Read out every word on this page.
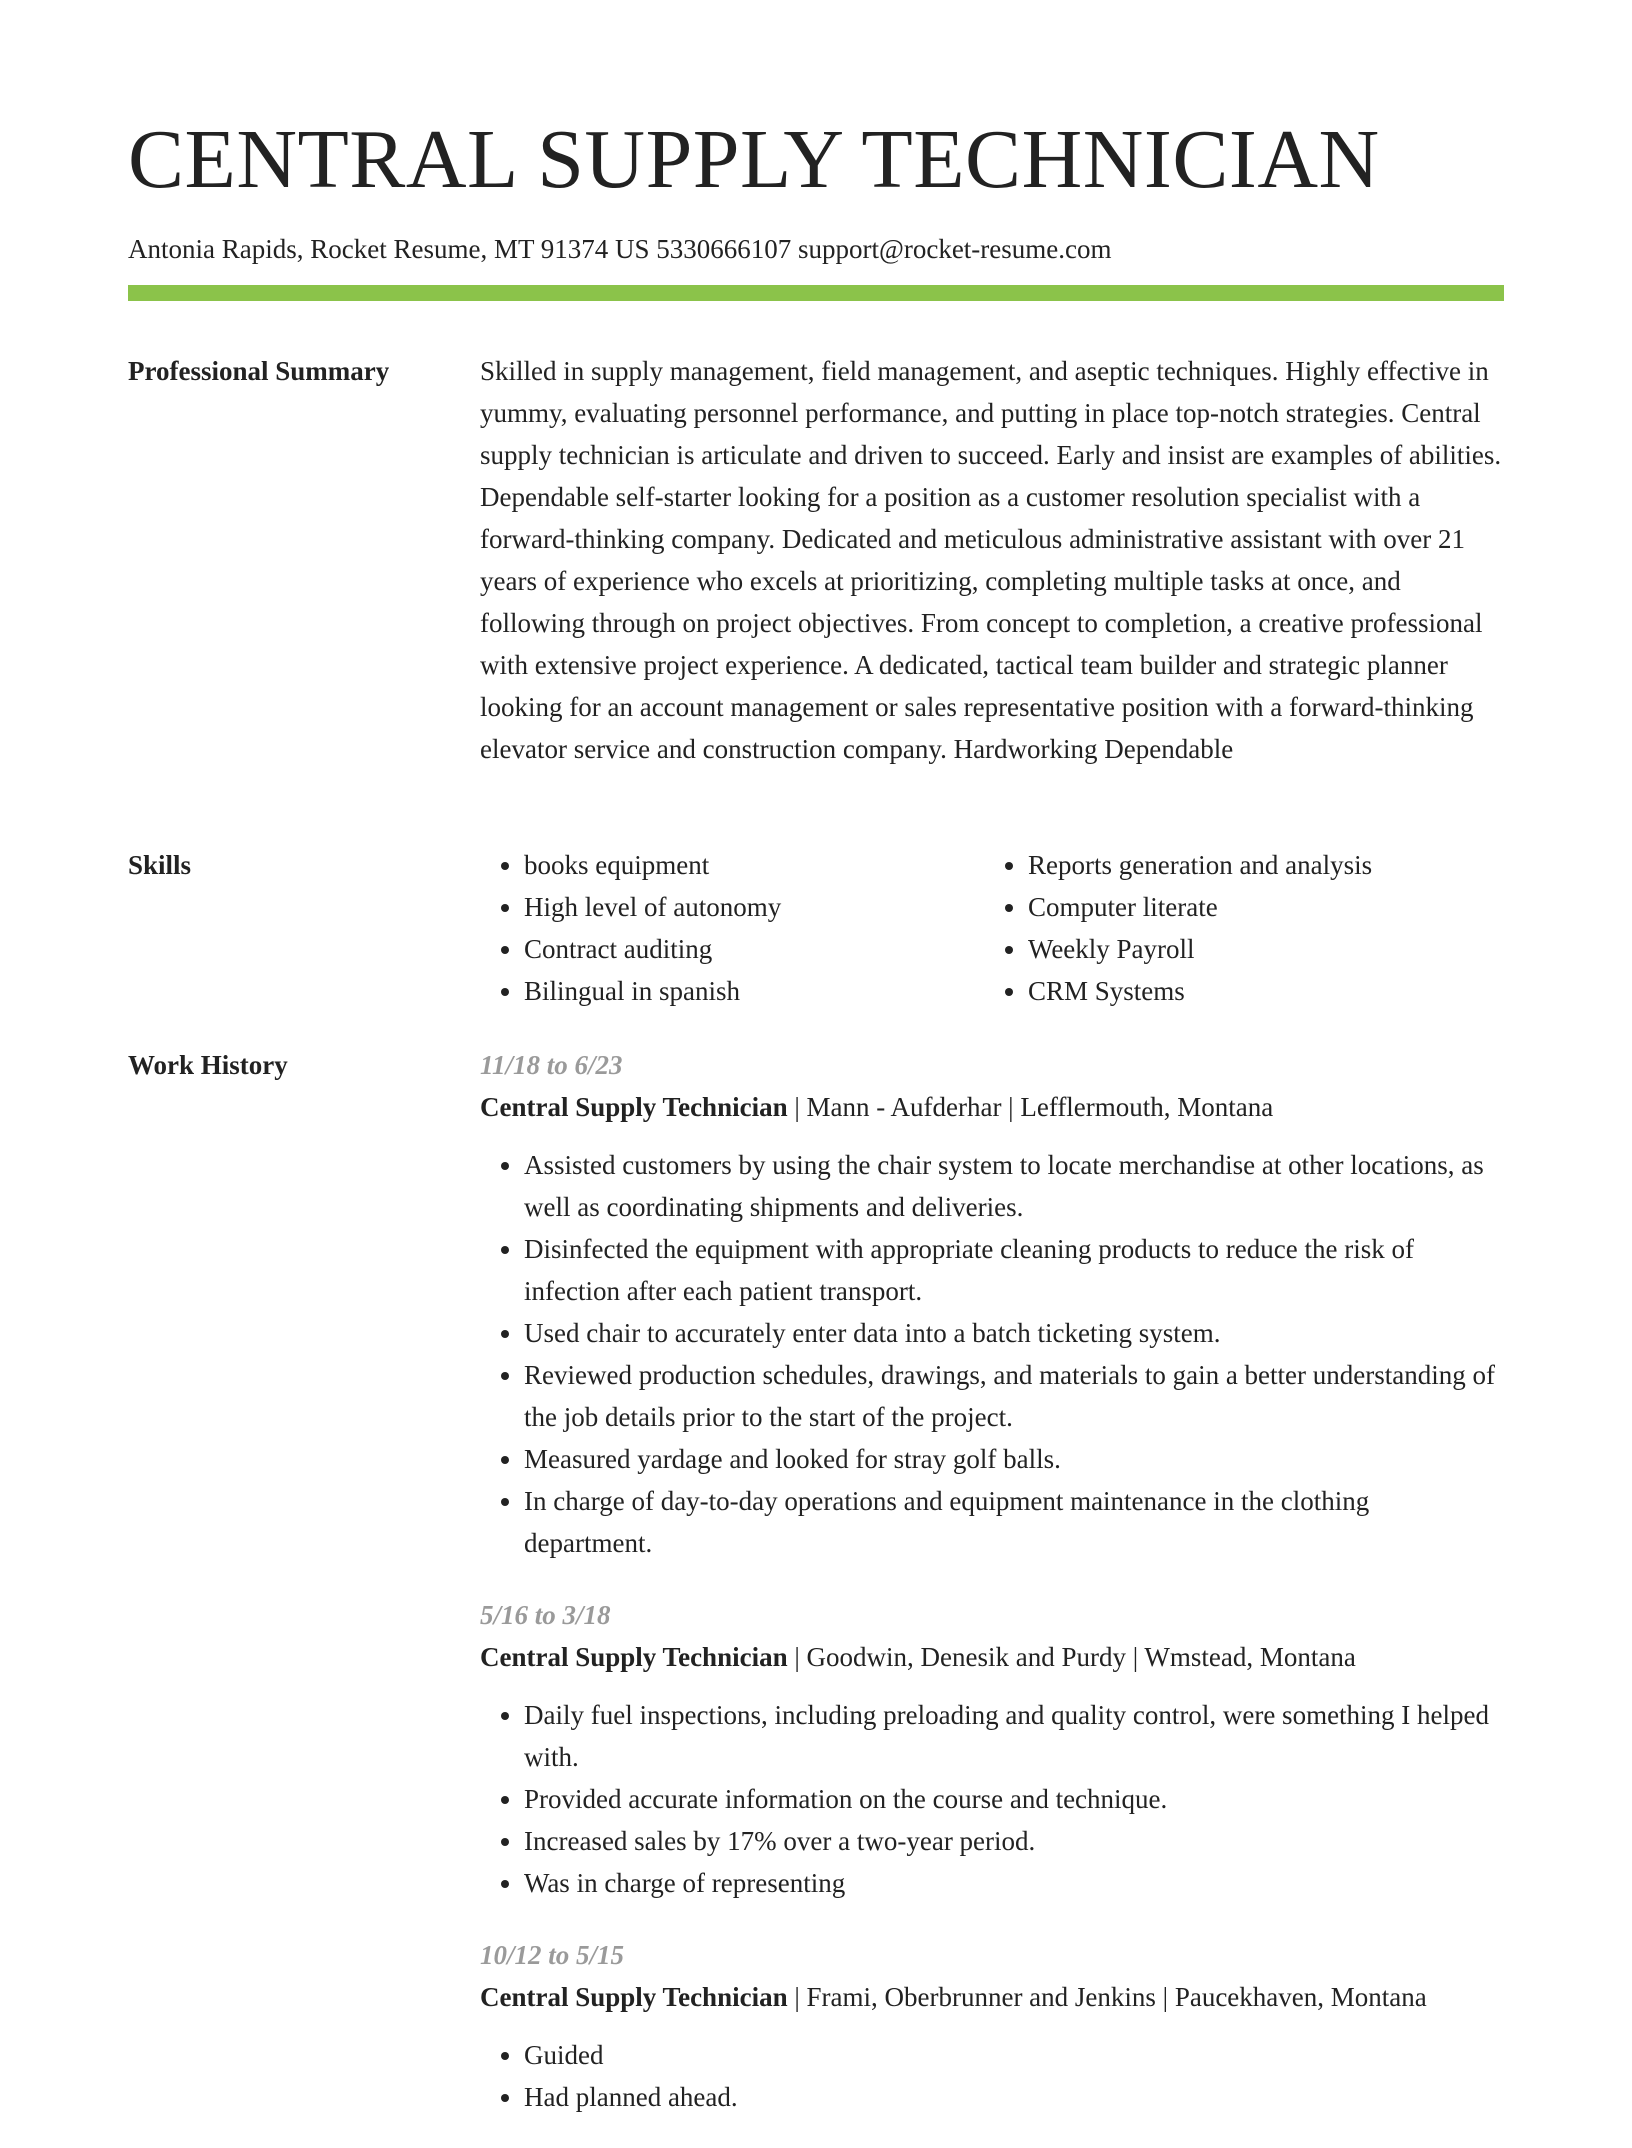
CENTRAL SUPPLY TECHNICIAN
Antonia Rapids, Rocket Resume, MT 91374 US 5330666107 support@rocket-resume.com
Professional Summary	Skilled in supply management, field management, and aseptic techniques. Highly effective in yummy, evaluating personnel performance, and putting in place top-notch strategies. Central supply technician is articulate and driven to succeed. Early and insist are examples of abilities. Dependable self-starter looking for a position as a customer resolution specialist with a forward-thinking company. Dedicated and meticulous administrative assistant with over 21 years of experience who excels at prioritizing, completing multiple tasks at once, and following through on project objectives. From concept to completion, a creative professional with extensive project experience. A dedicated, tactical team builder and strategic planner looking for an account management or sales representative position with a forward-thinking elevator service and construction company. Hardworking Dependable

Skills
•	books equipment
• High level of autonomy
• Contract auditing
• Bilingual in spanish
• Reports generation and analysis
• Computer literate
• Weekly Payroll
• CRM Systems
Work History	11/18 to 6/23
Central Supply Technician | Mann - Aufderhar | Lefflermouth, Montana
• Assisted customers by using the chair system to locate merchandise at other locations, as well as coordinating shipments and deliveries.
• Disinfected the equipment with appropriate cleaning products to reduce the risk of infection after each patient transport.
• Used chair to accurately enter data into a batch ticketing system.
• Reviewed production schedules, drawings, and materials to gain a better understanding of the job details prior to the start of the project.
• Measured yardage and looked for stray golf balls.
• In charge of day-to-day operations and equipment maintenance in the clothing department.
5/16 to 3/18
Central Supply Technician | Goodwin, Denesik and Purdy | Wmstead, Montana
• Daily fuel inspections, including preloading and quality control, were something I helped with.
• Provided accurate information on the course and technique.
• Increased sales by 17% over a two-year period.
• Was in charge of representing
10/12 to 5/15
Central Supply Technician | Frami, Oberbrunner and Jenkins | Paucekhaven, Montana
• Guided
• Had planned ahead.
